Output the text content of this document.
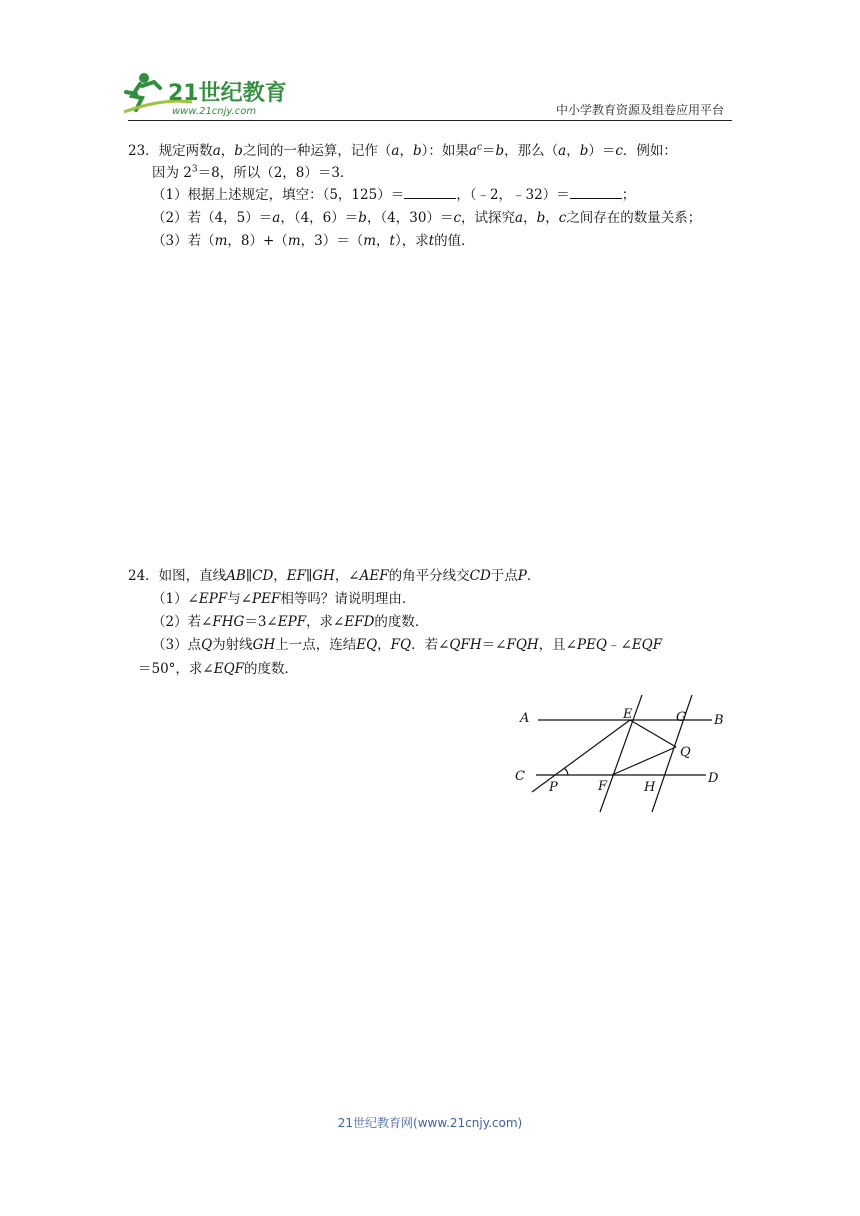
21世纪教育
www.21cnjy.com	中小学教育资源及组卷应用平台
23．规定两数a，b之间的一种运算，记作（a，b）：如果$a^c=b$，那么（a，b）＝c．例如：
因为 $2^3=8$，所以（2，8）＝3．
（1）根据上述规定，填空：（5，125）＝	，（﹣2，﹣32）＝	；
（2）若（4，5）＝a，（4，6）＝b，（4，30）＝c，试探究a，b，c之间存在的数量关系；
（3）若（m，8）+（m，3）＝（m，t），求t的值．
24．如图，直线AB∥CD，EF∥GH，∠AEF的角平分线交CD于点P．
（1）∠EPF与∠PEF相等吗？请说明理由．
（2）若∠FHG＝3∠EPF，求∠EFD的度数．
（3）点Q为射线GH上一点，连结EQ，FQ．若∠QFH＝∠FQH，且∠PEQ﹣∠EQF
＝50°，求∠EQF的度数．
A	E	G B
Q
C
P	F	H
D
21世纪教育网(www.21cnjy.com)
